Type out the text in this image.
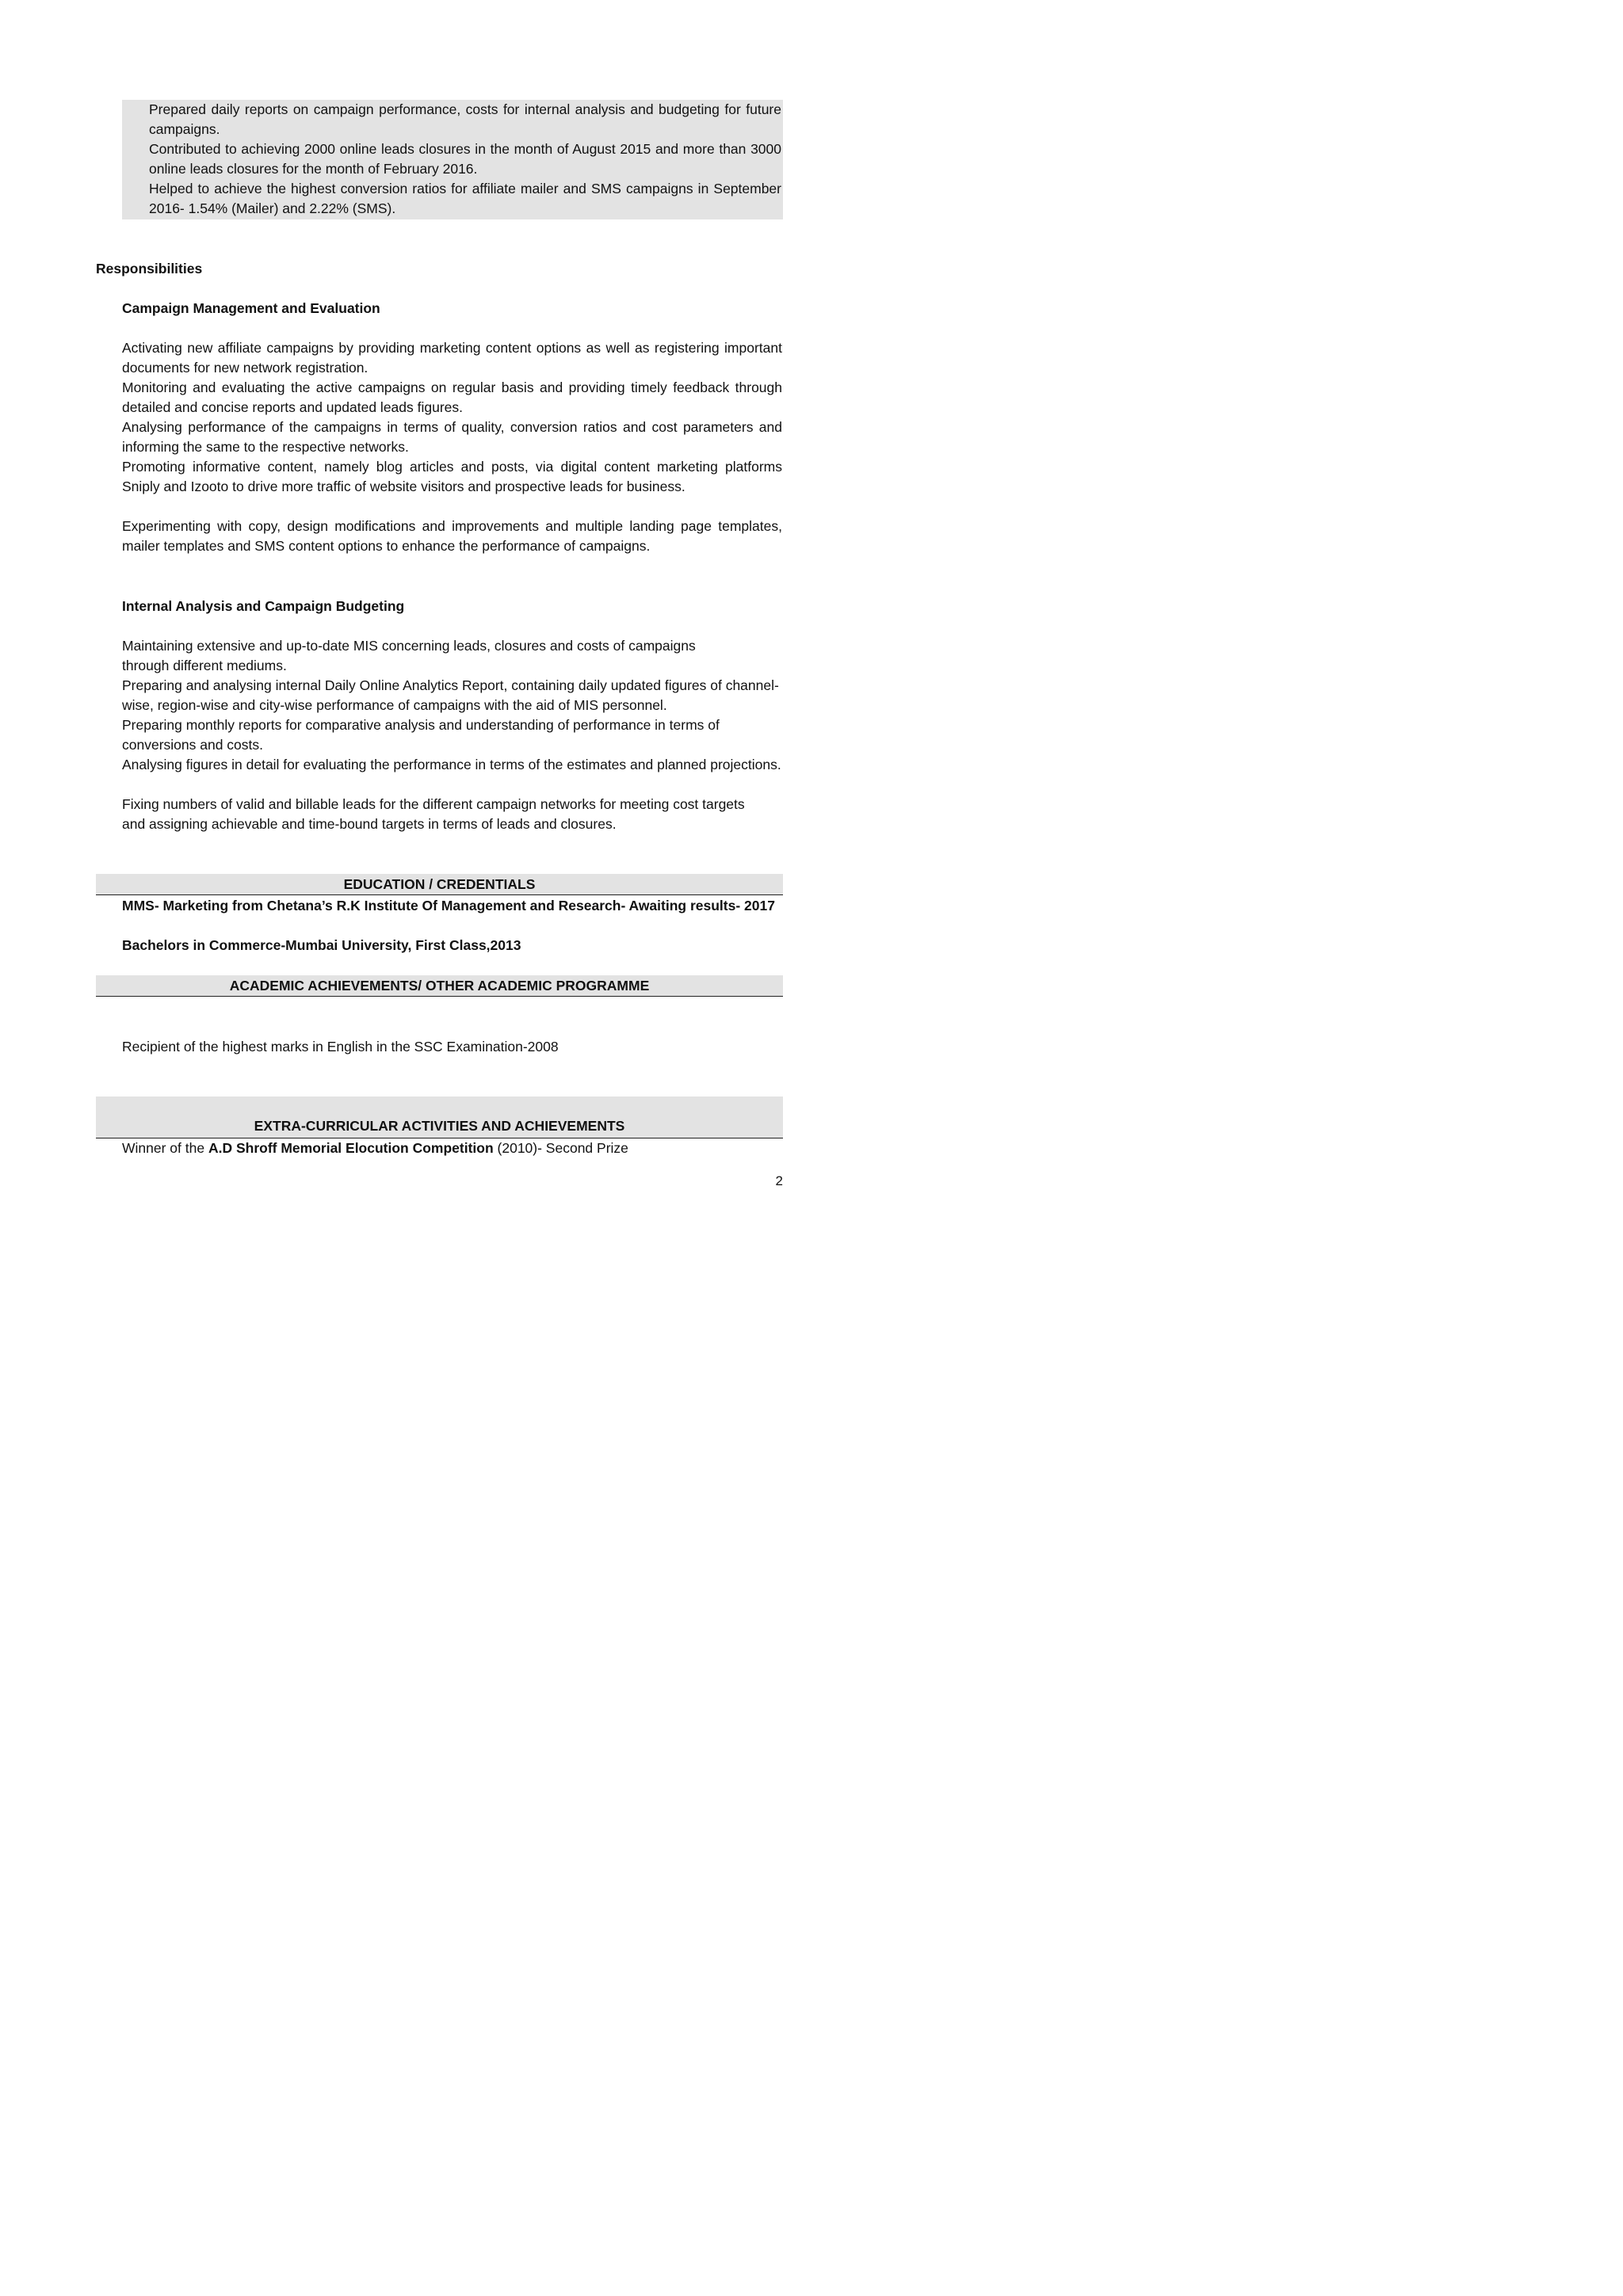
Prepared daily reports on campaign performance, costs for internal analysis and budgeting for future campaigns.
Contributed to achieving 2000 online leads closures in the month of August 2015 and more than 3000 online leads closures for the month of February 2016.
Helped to achieve the highest conversion ratios for affiliate mailer and SMS campaigns in September 2016- 1.54% (Mailer) and 2.22% (SMS).
Responsibilities
Campaign Management and Evaluation
Activating new affiliate campaigns by providing marketing content options as well as registering important documents for new network registration.
Monitoring and evaluating the active campaigns on regular basis and providing timely feedback through detailed and concise reports and updated leads figures.
Analysing performance of the campaigns in terms of quality, conversion ratios and cost parameters and informing the same to the respective networks.
Promoting informative content, namely blog articles and posts, via digital content marketing platforms Sniply and Izooto to drive more traffic of website visitors and prospective leads for business.
Experimenting with copy, design modifications and improvements and multiple landing page templates, mailer templates and SMS content options to enhance the performance of campaigns.
Internal Analysis and Campaign Budgeting
Maintaining extensive and up-to-date MIS concerning leads, closures and costs of campaigns through different mediums.
Preparing and analysing internal Daily Online Analytics Report, containing daily updated figures of channel-wise, region-wise and city-wise performance of campaigns with the aid of MIS personnel.
Preparing monthly reports for comparative analysis and understanding of performance in terms of conversions and costs.
Analysing figures in detail for evaluating the performance in terms of the estimates and planned projections.
Fixing numbers of valid and billable leads for the different campaign networks for meeting cost targets and assigning achievable and time-bound targets in terms of leads and closures.
EDUCATION / CREDENTIALS
MMS- Marketing from Chetana’s R.K Institute Of Management and Research- Awaiting results- 2017
Bachelors in Commerce-Mumbai University, First Class,2013
ACADEMIC ACHIEVEMENTS/ OTHER ACADEMIC PROGRAMME
Recipient of the highest marks in English in the SSC Examination-2008
EXTRA-CURRICULAR ACTIVITIES AND ACHIEVEMENTS
Winner of the A.D Shroff Memorial Elocution Competition (2010)- Second Prize
2
